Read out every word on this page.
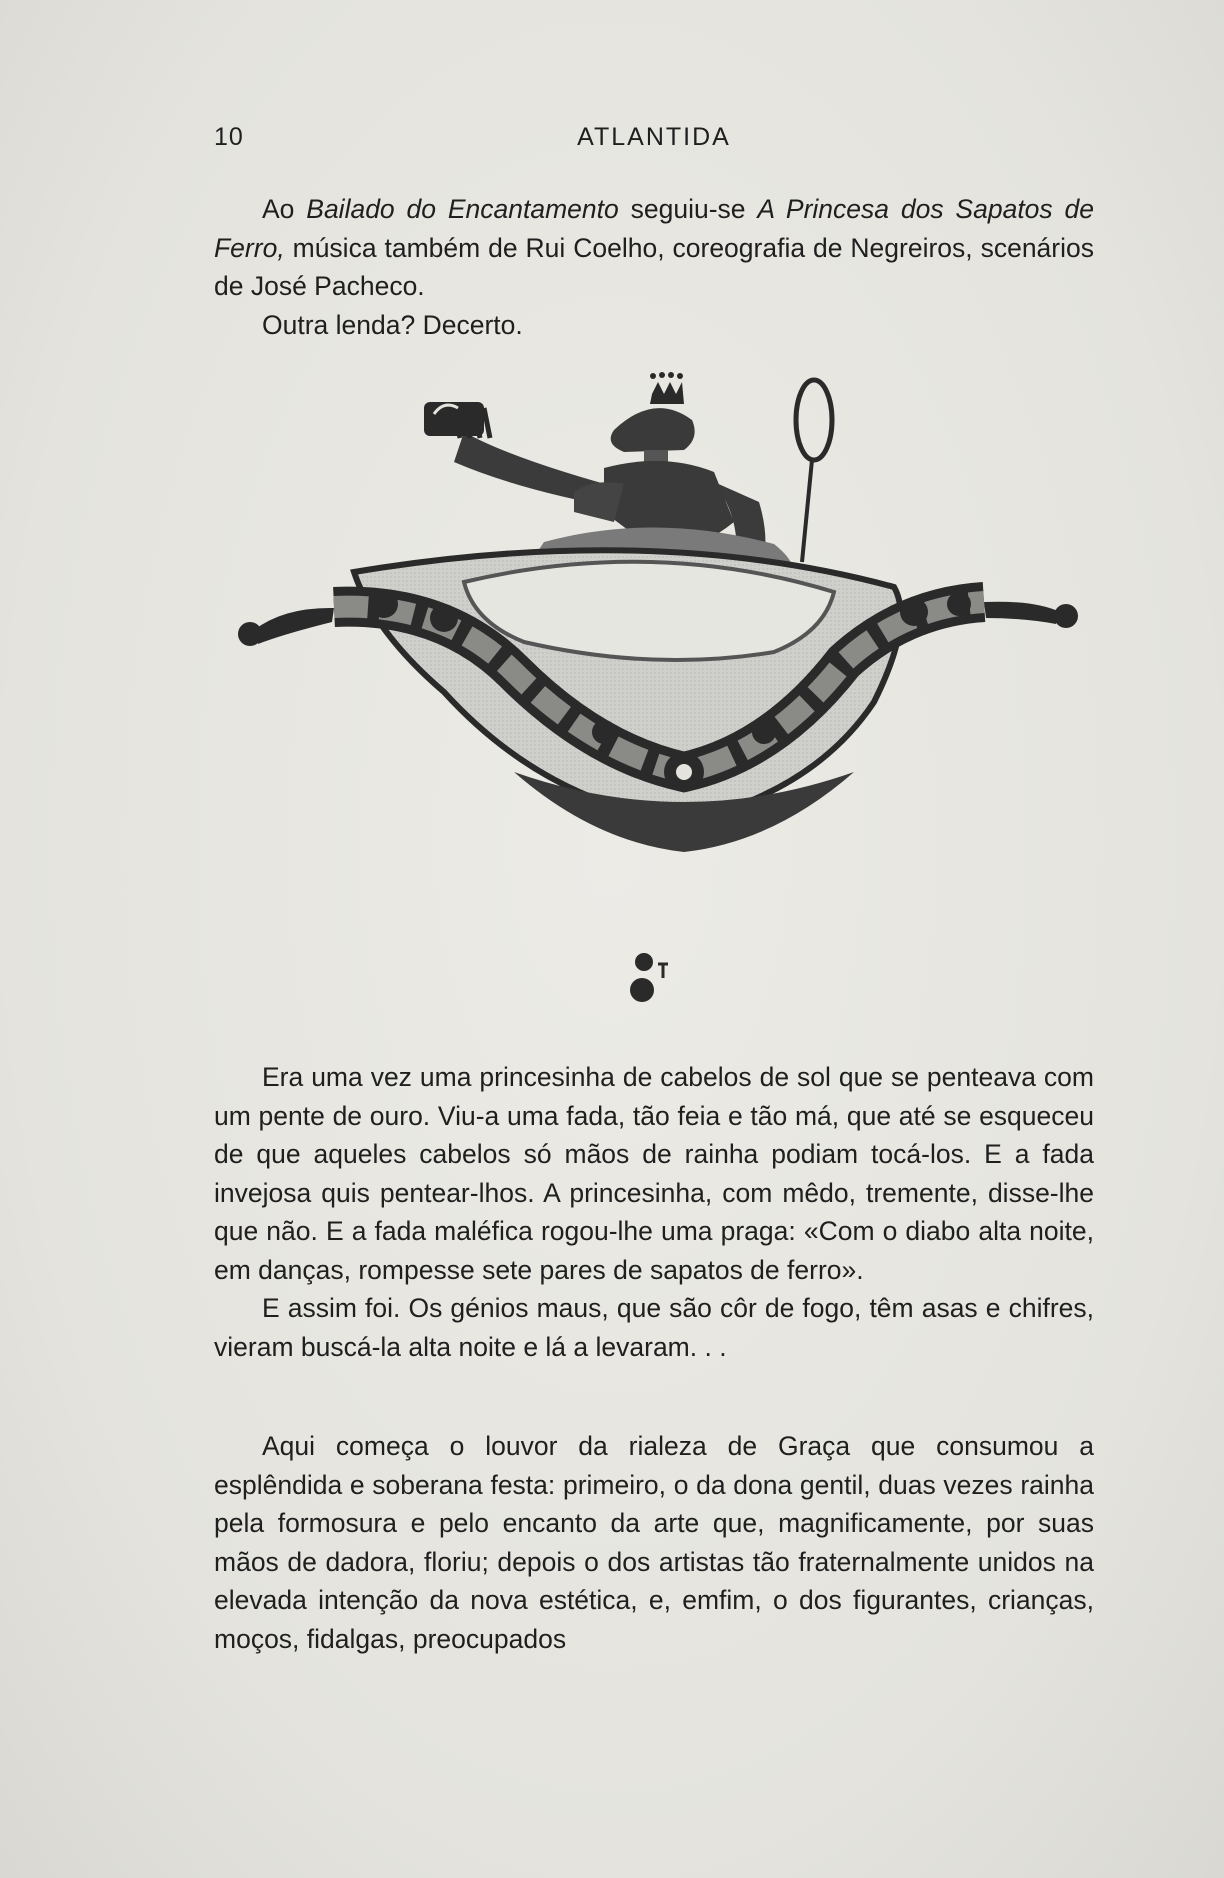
10	ATLANTIDA

Ao Bailado do Encantamento seguiu-se A Princesa dos Sapatos de Ferro, música também de Rui Coelho, coreografia de Negreiros, scenários de José Pacheco.

Outra lenda? Decerto.

Era uma vez uma princesinha de cabelos de sol que se penteava com um pente de ouro. Viu-a uma fada, tão feia e tão má, que até se esqueceu de que aqueles cabelos só mãos de rainha podiam tocá-los. E a fada invejosa quis pentear-lhos. A princesinha, com mêdo, tremente, disse-lhe que não. E a fada maléfica rogou-lhe uma praga: «Com o diabo alta noite, em danças, rompesse sete pares de sapatos de ferro».

E assim foi. Os génios maus, que são côr de fogo, têm asas e chifres, vieram buscá-la alta noite e lá a levaram. . .

Aqui começa o louvor da rialeza de Graça que consumou a esplêndida e soberana festa: primeiro, o da dona gentil, duas vezes rainha pela formosura e pelo encanto da arte que, magnificamente, por suas mãos de dadora, floriu; depois o dos artistas tão fraternalmente unidos na elevada intenção da nova estética, e, emfim, o dos figurantes, crianças, moços, fidalgas, preocupados
